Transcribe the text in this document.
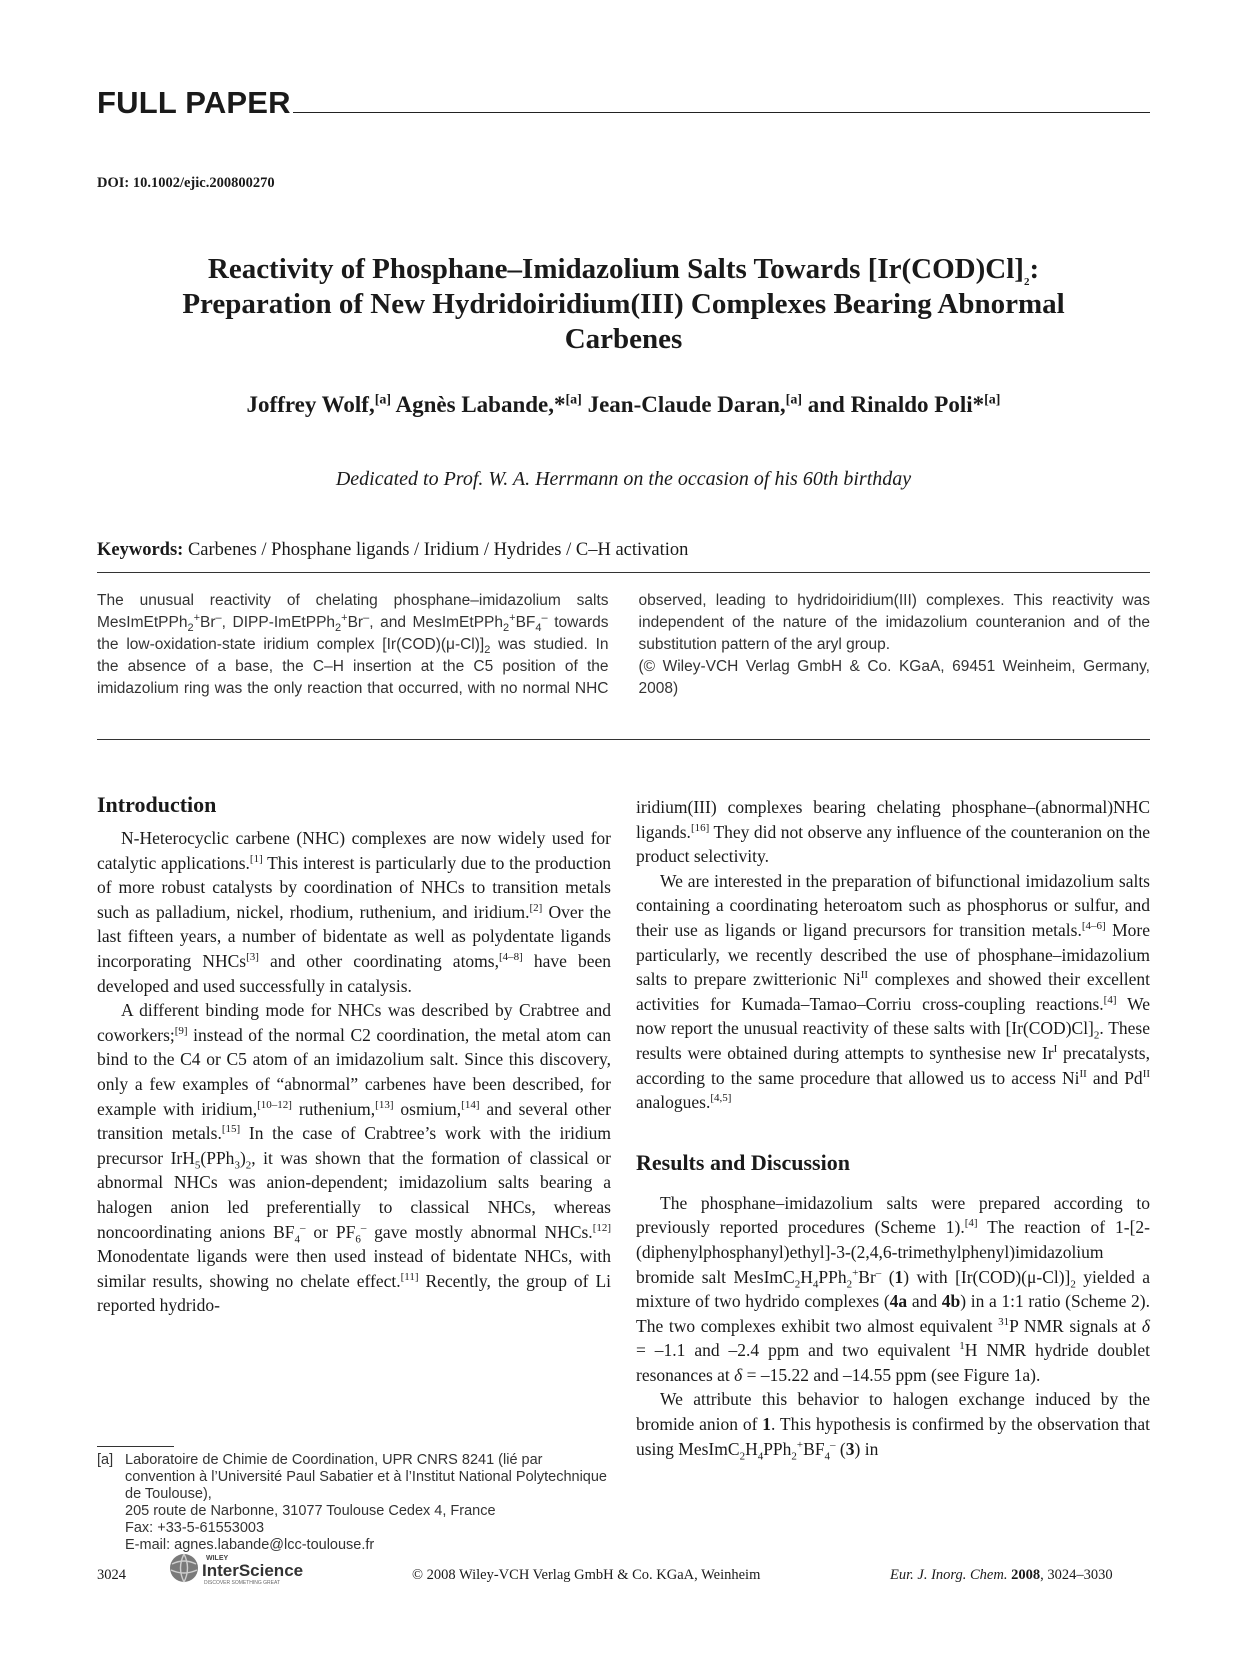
FULL PAPER
DOI: 10.1002/ejic.200800270
Reactivity of Phosphane–Imidazolium Salts Towards $[Ir(COD)Cl]_2$:
Preparation of New Hydridoiridium(III) Complexes Bearing Abnormal
Carbenes
Joffrey Wolf,[a] Agnès Labande,*[a] Jean-Claude Daran,[a] and Rinaldo Poli*[a]
Dedicated to Prof. W. A. Herrmann on the occasion of his 60th birthday
Keywords: Carbenes / Phosphane ligands / Iridium / Hydrides / C–H activation

The unusual reactivity of chelating phosphane–imidazolium salts MesImEtPPh$_2$+Br–, DIPP-ImEtPPh$_2$+Br–, and $MesImEtPPh_2^+BF_4^-$ towards the low-oxidation-state iridium complex $[Ir(COD)(\mu-Cl)]_2$ was studied. In the absence of a base, the C–H insertion at the C5 position of the imidazolium ring was the only reaction that occurred, with no normal NHC observed, leading to hydridoiridium(III) complexes. This reactivity was independent of the nature of the imidazolium counteranion and of the substitution pattern of the aryl group.

(© Wiley-VCH Verlag GmbH & Co. KGaA, 69451 Weinheim, Germany, 2008)

N-Heterocyclic carbene (NHC) complexes are now widely used for catalytic applications.[1] This interest is particularly due to the production of more robust catalysts by coordination of NHCs to transition metals such as palladium, nickel, rhodium, ruthenium, and iridium.[2] Over the last fifteen years, a number of bidentate as well as polydentate ligands incorporating NHCs[3] and other coordinating atoms,[4–8] have been developed and used successfully in catalysis.

A different binding mode for NHCs was described by Crabtree and coworkers;[9] instead of the normal C2 coordination, the metal atom can bind to the C4 or C5 atom of an imidazolium salt. Since this discovery, only a few examples of “abnormal” carbenes have been described, for example with iridium,[10–12] ruthenium,[13] osmium,[14] and several other transition metals.[15] In the case of Crabtree’s work with the iridium precursor $IrH_5(PPh_3)_2$, it was shown that the formation of classical or abnormal NHCs was anion-dependent; imidazolium salts bearing a halogen anion led preferentially to classical NHCs, whereas noncoordinating anions $BF_4^-$ or $PF_6^-$ gave mostly abnormal NHCs.[12] Monodentate ligands were then used instead of bidentate NHCs, with similar results, showing no chelate effect.[11] Recently, the group of Li reported hydrido-

Introduction	iridium(III) complexes bearing chelating phosphane–(abnormal)NHC ligands.[16] They did not observe any influence of the counteranion on the product selectivity.

We are interested in the preparation of bifunctional imidazolium salts containing a coordinating heteroatom such as phosphorus or sulfur, and their use as ligands or ligand precursors for transition metals.[4–6] More particularly, we recently described the use of phosphane–imidazolium salts to prepare zwitterionic $Ni^{II}$ complexes and showed their excellent activities for Kumada–Tamao–Corriu cross-coupling reactions.[4] We now report the unusual reactivity of these salts with $[Ir(COD)Cl]_2$. These results were obtained during attempts to synthesise new $Ir^I$ precatalysts, according to the same procedure that allowed us to access $Ni^{II}$ and $Pd^{II}$ analogues.[4,5]

Results and Discussion

The phosphane–imidazolium salts were prepared according to previously reported procedures (Scheme 1).[4] The reaction of 1-[2-(diphenylphosphanyl)ethyl]-3-(2,4,6-trimethylphenyl)imidazolium bromide salt $MesImC_2H_4PPh_2^+Br^-$ (1) with $[Ir(COD)(\mu-Cl)]_2$ yielded a mixture of two hydrido complexes (4a and 4b) in a 1:1 ratio (Scheme 2). The two complexes exhibit two almost equivalent $^{31}$P NMR signals at δ = –1.1 and –2.4 ppm and two equivalent $^1$H NMR hydride doublet resonances at δ = –15.22 and –14.55 ppm (see Figure 1a).

We attribute this behavior to halogen exchange induced by the bromide anion of 1. This hypothesis is confirmed by the observation that using $MesImC_2H_4PPh_2^+BF_4^-$ (3) in

[a] Laboratoire de Chimie de Coordination, UPR CNRS 8241 (lié par convention à l’Université Paul Sabatier et à l’Institut National Polytechnique de Toulouse),
205 route de Narbonne, 31077 Toulouse Cedex 4, France
Fax: +33-5-61553003
E-mail: agnes.labande@lcc-toulouse.fr
3024
WILEY
InterScience
DISCOVER SOMETHING GREAT	© 2008 Wiley-VCH Verlag GmbH & Co. KGaA, Weinheim	Eur. J. Inorg. Chem. 2008, 3024–3030
